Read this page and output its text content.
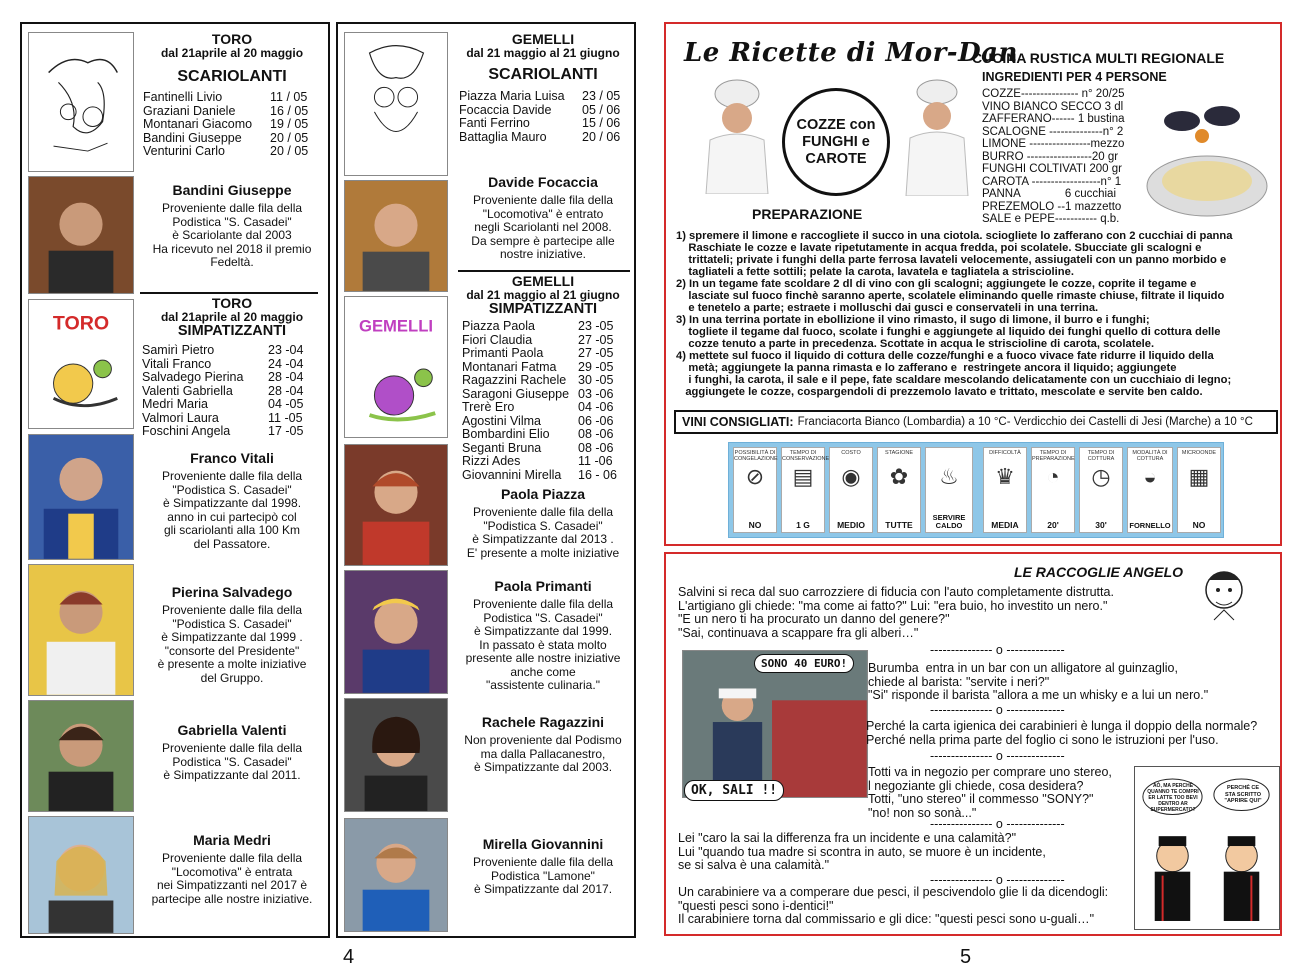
TORO
dal 21aprile al 20 maggio
SCARIOLANTI
Fantinelli Livio	11 / 05
Graziani Daniele	16 / 05
Montanari Giacomo	19 / 05
Bandini Giuseppe	20 / 05
Venturini Carlo	20 / 05
Bandini Giuseppe
Proveniente dalle fila della
Podistica "S. Casadei"
è Scariolante dal 2003
Ha ricevuto nel 2018 il premio
Fedeltà.
TORO
TORO
dal 21aprile al 20 maggio
SIMPATIZZANTI
Samirì Pietro	23 -04
Vitali Franco	24 -04
Salvadego Pierina	28 -04
Valenti Gabriella	28 -04
Medri Maria	04 -05
Valmori Laura	11 -05
Foschini Angela	17 -05
Franco Vitali
Proveniente dalle fila della
"Podistica S. Casadei"
è Simpatizzante dal 1998.
anno in cui partecipò col
gli scariolanti alla 100 Km
del Passatore.
Pierina Salvadego
Proveniente dalle fila della
"Podistica S. Casadei"
è Simpatizzante dal 1999 .
"consorte del Presidente"
è presente a molte iniziative
del Gruppo.
Gabriella Valenti
Proveniente dalle fila della
Podistica "S. Casadei"
è Simpatizzante dal 2011.
Maria Medri
Proveniente dalle fila della
"Locomotiva" è entrata
nei Simpatizzanti nel 2017 è
partecipe alle nostre iniziative.
GEMELLI
dal 21 maggio al 21 giugno
SCARIOLANTI
Piazza Maria Luisa	23 / 05
Focaccia Davide	05 / 06
Fanti Ferrino	15 / 06
Battaglia Mauro	20 / 06
Davide Focaccia
Proveniente dalle fila della
"Locomotiva" è entrato
negli Scariolanti nel 2008.
Da sempre è partecipe alle
nostre iniziative.
GEMELLI
GEMELLI
dal 21 maggio al 21 giugno
SIMPATIZZANTI
Piazza Paola	23 -05
Fiori Claudia	27 -05
Primanti Paola	27 -05
Montanari Fatma	29 -05
Ragazzini Rachele 30 -05
Saragoni Giuseppe 03 -06
Trerè Ero	04 -06
Agostini Vilma	06 -06
Bombardini Elio	08 -06
Seganti Bruna	08 -06
Rizzi Ades	11 -06
Giovannini Mirella	16 - 06
Paola Piazza
Proveniente dalle fila della
"Podistica S. Casadei"
è Simpatizzante dal 2013 .
E' presente a molte iniziative
Paola Primanti
Proveniente dalle fila della
Podistica "S. Casadei"
è Simpatizzante dal 1999.
In passato è stata molto
presente alle nostre iniziative
anche come
"assistente culinaria."
Rachele Ragazzini
Non proveniente dal Podismo
ma dalla Pallacanestro,
è Simpatizzante dal 2003.
Mirella Giovannini
Proveniente dalle fila della
Podistica "Lamone"
è Simpatizzante dal 2017.
4
Le Ricette di Mor-Dan
CUCINA RUSTICA MULTI REGIONALE
INGREDIENTI PER 4 PERSONE
COZZE con FUNGHI e CAROTE
PREPARAZIONE
COZZE--------------- n° 20/25
VINO BIANCO SECCO 3 dl
ZAFFERANO------ 1 bustina
SCALOGNE --------------n° 2
LIMONE ----------------mezzo
BURRO -----------------20 gr
FUNGHI COLTIVATI 200 gr
CAROTA ------------------n° 1
PANNA              6 cucchiai
PREZEMOLO --1 mazzetto
SALE e PEPE----------- q.b.
1) spremere il limone e raccogliete il succo in una ciotola. sciogliete lo zafferano con 2 cucchiai di panna
Raschiate le cozze e lavate ripetutamente in acqua fredda, poi scolatele. Sbucciate gli scalogni e
trittateli; private i funghi della parte ferrosa lavateli velocemente, assiugateli con un panno morbido e
tagliateli a fette sottili; pelate la carota, lavatela e tagliatela a striscioline.
2) In un tegame fate scoldare 2 dl di vino con gli scalogni; aggiungete le cozze, coprite il tegame e
lasciate sul fuoco finchè saranno aperte, scolatele eliminando quelle rimaste chiuse, filtrate il liquido
e tenetelo a parte; estraete i molluschi dai gusci e conservateli in una terrina.
3) In una terrina portate in ebollizione il vino rimasto, il sugo di limone, il burro e i funghi;
togliete il tegame dal fuoco, scolate i funghi e aggiungete al liquido dei funghi quello di cottura delle
cozze tenuto a parte in precedenza. Scottate in acqua le striscioline di carota, scolatele.
4) mettete sul fuoco il liquido di cottura delle cozze/funghi e a fuoco vivace fate ridurre il liquido della
metà; aggiungete la panna rimasta e lo zafferano e  restringete ancora il liquido; aggiungete
i funghi, la carota, il sale e il pepe, fate scaldare mescolando delicatamente con un cucchiaio di legno;
aggiungete le cozze, cospargendoli di prezzemolo lavato e trittato, mescolate e servite ben caldo.
VINI CONSIGLIATI: Franciacorta Bianco (Lombardia) a 10 °C- Verdicchio dei Castelli di Jesi (Marche) a 10 °C
POSSIBILITÀ DI CONGELAZIONE
⊘
NO
TEMPO DI CONSERVAZIONE
▤
1 G
COSTO
◉
MEDIO
STAGIONE
✿
TUTTE
♨
SERVIRE CALDO
DIFFICOLTÀ
♛
MEDIA
TEMPO DI PREPARAZIONE
◔
20'
TEMPO DI COTTURA
◷
30'
MODALITÀ DI COTTURA
◒
FORNELLO
MICROONDE
▦
NO
LE RACCOGLIE ANGELO
Salvini si reca dal suo carrozziere di fiducia con l'auto completamente distrutta.
L'artigiano gli chiede: "ma come ai fatto?" Lui: "era buio, ho investito un nero."
"E un nero ti ha procurato un danno del genere?"
"Sai, continuava a scappare fra gli alberi…"
--------------- o --------------
SONO 40 EURO!
OK, SALI !!
Burumba  entra in un bar con un alligatore al guinzaglio,
chiede al barista: "servite i neri?"
"Si" risponde il barista "allora a me un whisky e a lui un nero."
--------------- o --------------
Perché la carta igienica dei carabinieri è lunga il doppio della normale?
Perché nella prima parte del foglio ci sono le istruzioni per l'uso.
--------------- o --------------
Totti va in negozio per comprare uno stereo,
l negoziante gli chiede, cosa desidera?
Totti, "uno stereo" il commesso "SONY?"
"no! non so sonà..."
--------------- o --------------
Lei "caro la sai la differenza fra un incidente e una calamità?"
Lui "quando tua madre si scontra in auto, se muore è un incidente,
se si salva è una calamità."
--------------- o --------------
Un carabiniere va a comperare due pesci, il pescivendolo glie li da dicendogli:
"questi pesci sono i-dentici!"
Il carabiniere torna dal commissario e gli dice: "questi pesci sono u-guali…"
AÒ, MA PERCHÉ QUANNO TE COMPRI ER LATTE TOO BEVI DENTRO AR SUPERMERCATO?
PERCHÉ CE STA SCRITTO "APRIRE QUI"
5
